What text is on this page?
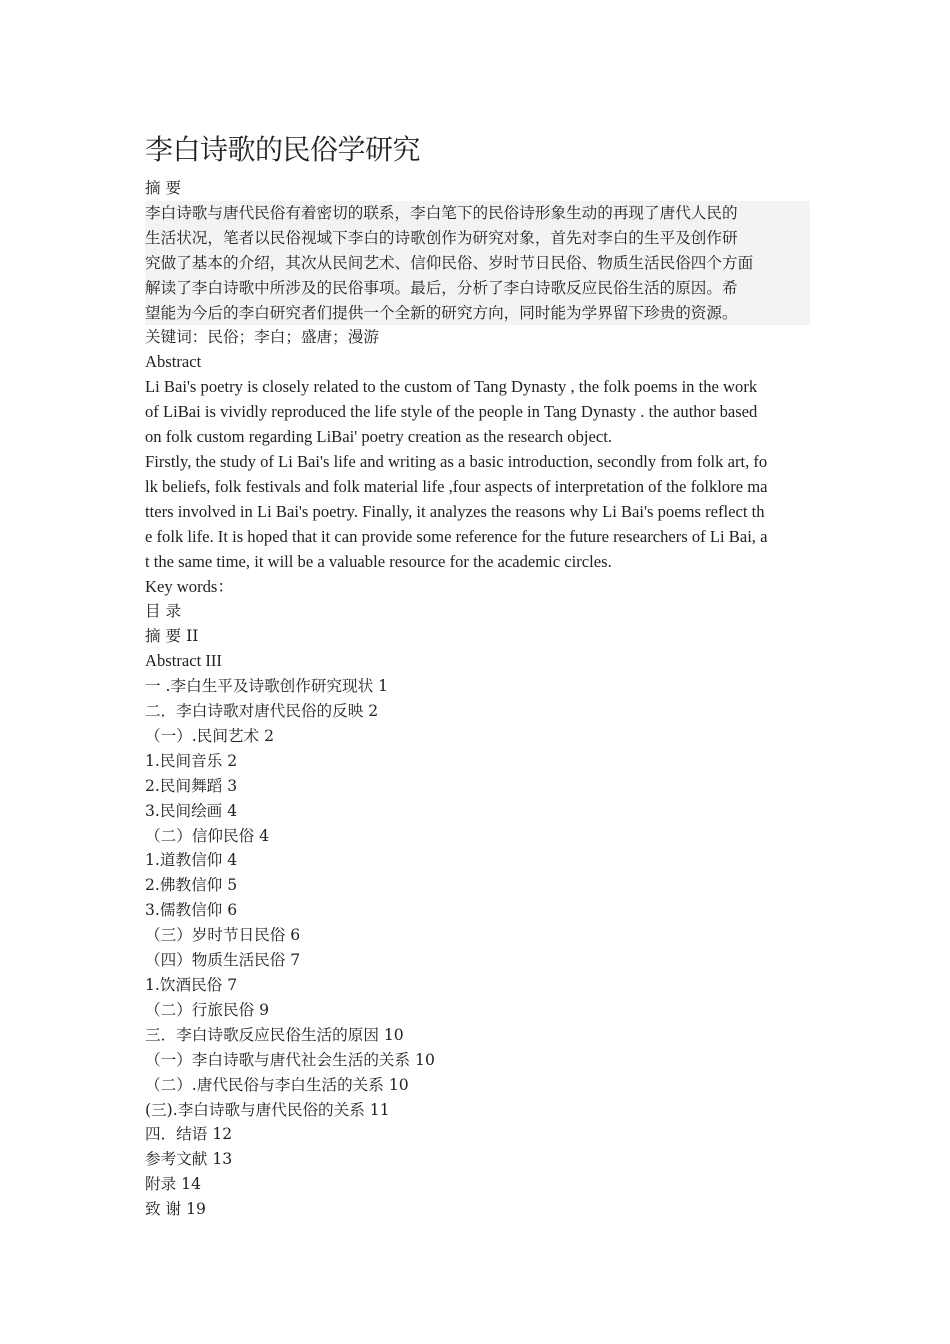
李白诗歌的民俗学研究
摘 要
李白诗歌与唐代民俗有着密切的联系，李白笔下的民俗诗形象生动的再现了唐代人民的
生活状况，笔者以民俗视域下李白的诗歌创作为研究对象，首先对李白的生平及创作研
究做了基本的介绍，其次从民间艺术、信仰民俗、岁时节日民俗、物质生活民俗四个方面
解读了李白诗歌中所涉及的民俗事项。最后，分析了李白诗歌反应民俗生活的原因。希
望能为今后的李白研究者们提供一个全新的研究方向，同时能为学界留下珍贵的资源。
关键词：民俗；李白；盛唐；漫游
Abstract
Li Bai's poetry is closely related to the custom of Tang Dynasty , the folk poems in the work
of LiBai is vividly reproduced the life style of the people in Tang Dynasty . the author based
on folk custom regarding LiBai' poetry creation as the research object.
Firstly, the study of Li Bai's life and writing as a basic introduction, secondly from folk art, fo
lk beliefs, folk festivals and folk material life ,four aspects of interpretation of the folklore ma
tters involved in Li Bai's poetry. Finally, it analyzes the reasons why Li Bai's poems reflect th
e folk life. It is hoped that it can provide some reference for the future researchers of Li Bai, a
t the same time, it will be a valuable resource for the academic circles.
Key words：
目 录
摘 要 II
Abstract III
一 .李白生平及诗歌创作研究现状 1
二．李白诗歌对唐代民俗的反映 2
（一）.民间艺术 2
1.民间音乐 2
2.民间舞蹈 3
3.民间绘画 4
（二）信仰民俗 4
1.道教信仰 4
2.佛教信仰 5
3.儒教信仰 6
（三）岁时节日民俗 6
（四）物质生活民俗 7
1.饮酒民俗 7
（二）行旅民俗 9
三．李白诗歌反应民俗生活的原因 10
（一）李白诗歌与唐代社会生活的关系 10
（二）.唐代民俗与李白生活的关系 10
(三).李白诗歌与唐代民俗的关系 11
四．结语 12
参考文献 13
附录 14
致 谢 19
